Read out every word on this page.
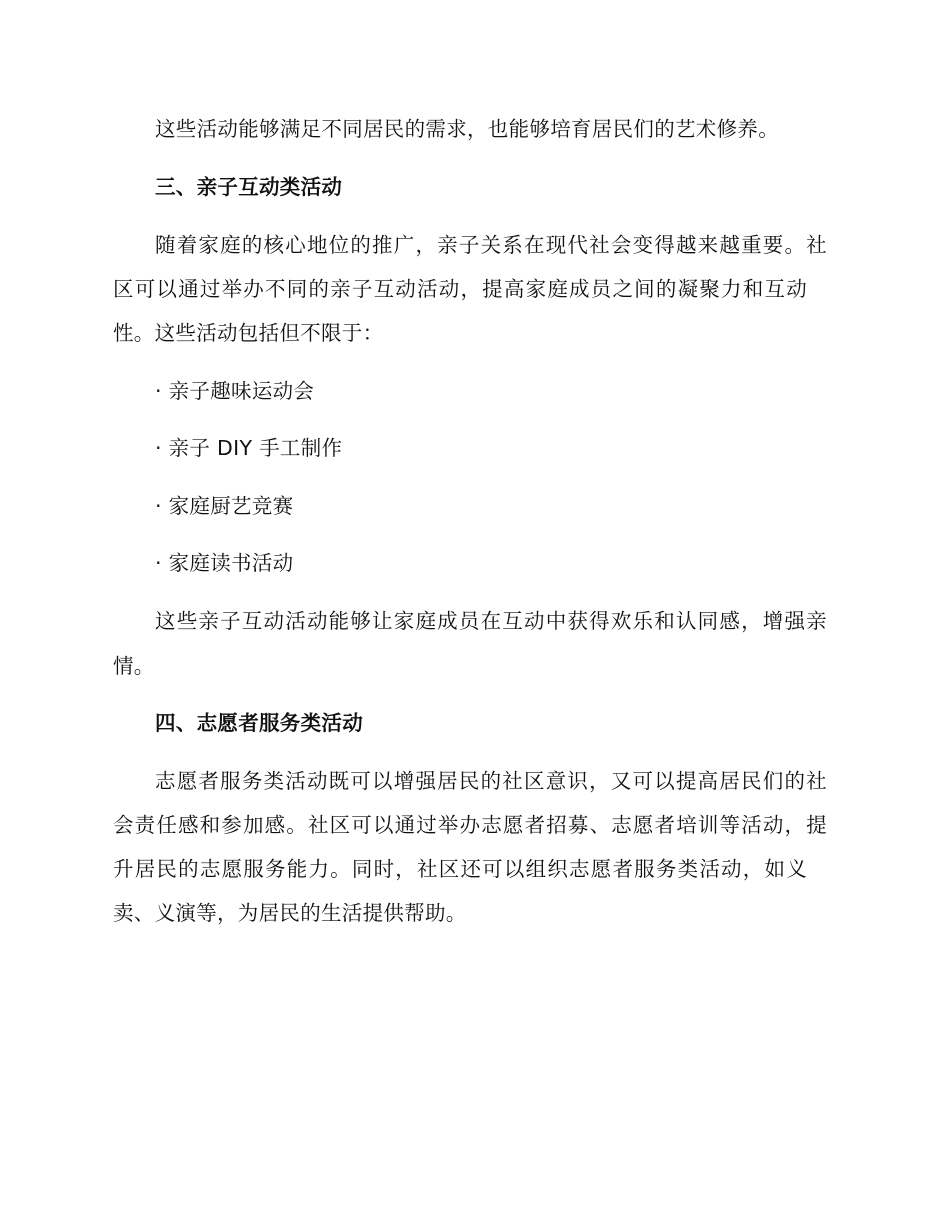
这些活动能够满足不同居民的需求，也能够培育居民们的艺术修养。
三、亲子互动类活动
随着家庭的核心地位的推广，亲子关系在现代社会变得越来越重要。社
区可以通过举办不同的亲子互动活动，提高家庭成员之间的凝聚力和互动
性。这些活动包括但不限于：
· 亲子趣味运动会
· 亲子 DIY 手工制作
· 家庭厨艺竞赛
· 家庭读书活动
这些亲子互动活动能够让家庭成员在互动中获得欢乐和认同感，增强亲
情。
四、志愿者服务类活动
志愿者服务类活动既可以增强居民的社区意识，又可以提高居民们的社
会责任感和参加感。社区可以通过举办志愿者招募、志愿者培训等活动，提
升居民的志愿服务能力。同时，社区还可以组织志愿者服务类活动，如义
卖、义演等，为居民的生活提供帮助。
